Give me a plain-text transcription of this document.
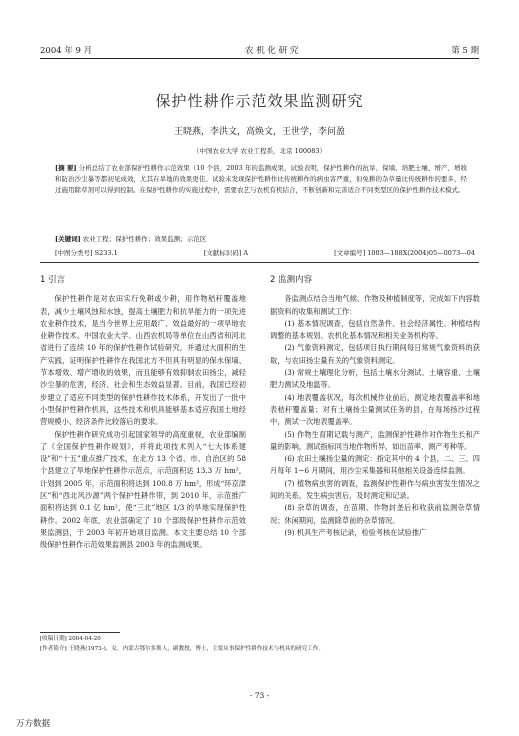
2004 年 9 月	农 机 化 研 究	第 5 期
保护性耕作示范效果监测研究
王晓燕，李洪文，高焕文，王世学，李问盈
（中国农业大学 农业工程系，北京 100083）
[摘 要] 分析总结了农业部保护性耕作示范效果（10 个县，2003 年的监测成果，试验表明，保护性耕作的抗旱、保墒、培肥土壤、增产、增收和防治沙尘暴等都初见成效，尤其在旱地的效果更佳。试验未发现保护性耕作比传统耕作的病虫害严重，但免耕的杂草量比传统耕作的要多，经过施用除草剂可以得到控制。在保护性耕作的实施过程中，需要农艺与农机有机结合，不断创新和完善适合不同类型区的保护性耕作技术模式。
[关键词] 农业工程；保护性耕作；效果监测；示范区
[中图分类号] S233.1	[文献标识码] A	[文章编号] 1003—188X(2004)05—0073—04
1 引言

保护性耕作是对农田实行免耕或少耕，用作物秸秆覆盖地表，减少土壤风蚀和水蚀，提高土壤肥力和抗旱能力的一项先进农业耕作技术，是当今世界上应用最广、效益最好的一项旱地农业耕作技术。中国农业大学、山西农机局等单位在山西省和河北省进行了连续 10 年的保护性耕作试验研究，并通过大面积的生产实践，证明保护性耕作在我国北方不但具有明显的保水保墒、节本增效、增产增收的效果，而且能够有效抑制农田扬尘，减轻沙尘暴的危害，经济、社会和生态效益显著。目前，我国已经初步建立了适应不同类型的保护性耕作技术体系，开发出了一批中小型保护性耕作机具，这些技术和机具能够基本适应我国土地经营规模小、经济条件比较落后的要求。

保护性耕作研究成功引起国家领导的高度重视，农业部编制了《全国保护性耕作规划》，并将此项技术列入“七大体系建设”和“十五”重点推广技术，在北方 13 个省、市、自治区的 58 个县建立了旱地保护性耕作示范点，示范面积达 13.3 万 hm²，计划到 2005 年，示范面积将达到 100.8 万 hm²，形成“环京津区”和“西北风沙源”两个保护性耕作带，到 2010 年，示范推广面积将达到 0.1 亿 hm²，使“三北”地区 1/3 的旱地实现保护性耕作。2002 年底，农业部确定了 10 个部级保护性耕作示范效果监测县，于 2003 年初开始项目监测。本文主要总结 10 个部级保护性耕作示范效果监测县 2003 年的监测成果。

2 监测内容

各监测点结合当地气候、作物及种植制度等，完成如下内容数据资料的收集和测试工作：

(1) 基本情况调查，包括自然条件、社会经济属性、种植结构调整的基本规划、农机化基本情况和相关业务机构等。

(2) 气象资料测定，包括项目执行期间每日常规气象资料的获取，与农田扬尘量有关的气象资料测定。

(3) 常规土壤理化分析，包括土壤水分测试、土壤容重、土壤肥力测试及地温等。

(4) 地表覆盖状况，每次机械作业前后，测定地表覆盖率和地表秸秆覆盖量；对有土壤扬尘量测试任务的县，在每场扬沙过程中，测试一次地表覆盖率。

(5) 作物生育期记载与测产，监测保护性耕作对作物生长和产量的影响，测试指标同当地作物所异，如出苗率、测产考种等。

(6) 农田土壤扬尘量的测定：指定其中的 4 个县，二、三、四月每年 1~6 月期间，用沙尘采集器和其他相关设备连续监测。

(7) 植物病虫害的调查，监测保护性耕作与病虫害发生情况之间的关系，发生病虫害后，及时测定和记录。

(8) 杂草的调查，在苗期、作物封垄后和收获前监测杂草情况；休闲期间，监测除草前的杂草情况。

(9) 机具生产考核记录，检验考核在试验推广

[收稿日期] 2004-04-20
[作者简介] 王晓燕(1973-)，女，内蒙古鄂尔多斯人，副教授，博士，主要从事保护性耕作技术与机具的研究工作。
- 73 -
万方数据
